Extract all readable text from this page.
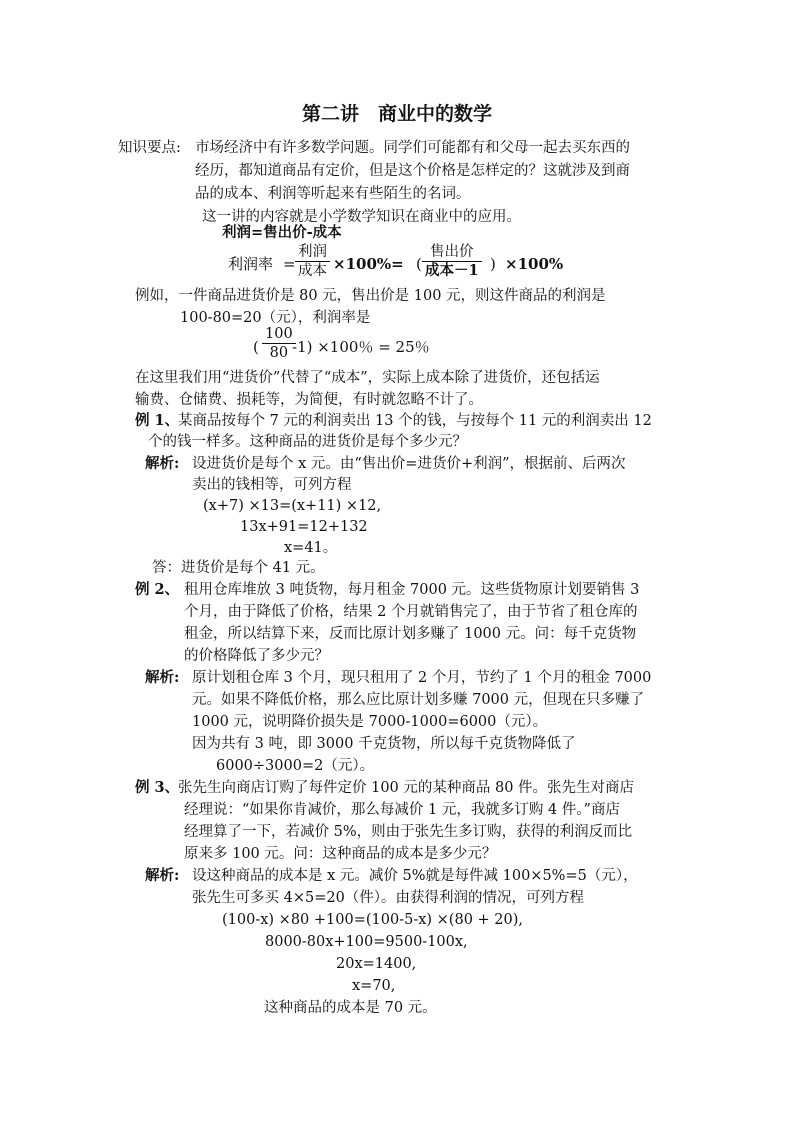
第二讲　商业中的数学
知识要点: 市场经济中有许多数学问题。同学们可能都有和父母一起去买东西的
经历，都知道商品有定价，但是这个价格是怎样定的？这就涉及到商
品的成本、利润等听起来有些陌生的名词。
这一讲的内容就是小学数学知识在商业中的应用。
利润=售出价-成本
利润率 =
利润
成本 ×100%= (
售出价
成本－1 ) ×100%
例如，一件商品进货价是 80 元，售出价是 100 元，则这件商品的利润是
100-80=20（元），利润率是
(
100
80 -1) ×100％ = 25％
在这里我们用“进货价”代替了“成本”，实际上成本除了进货价，还包括运
输费、仓储费、损耗等，为简便，有时就忽略不计了。
例 1、
某商品按每个 7 元的利润卖出 13 个的钱，与按每个 11 元的利润卖出 12
个的钱一样多。这种商品的进货价是每个多少元？
解析: 设进货价是每个 x 元。由“售出价=进货价+利润”，根据前、后两次
卖出的钱相等，可列方程
(x+7) ×13=(x+11) ×12,
13x+91=12+132
x=41。
答：进货价是每个 41 元。
例 2、 租用仓库堆放 3 吨货物，每月租金 7000 元。这些货物原计划要销售 3
个月，由于降低了价格，结果 2 个月就销售完了，由于节省了租仓库的
租金，所以结算下来，反而比原计划多赚了 1000 元。问：每千克货物
的价格降低了多少元？
解析: 原计划租仓库 3 个月，现只租用了 2 个月，节约了 1 个月的租金 7000
元。如果不降低价格，那么应比原计划多赚 7000 元，但现在只多赚了
1000 元，说明降价损失是 7000-1000=6000（元）。
因为共有 3 吨，即 3000 千克货物，所以每千克货物降低了
6000÷3000=2（元）。
例 3、
张先生向商店订购了每件定价 100 元的某种商品 80 件。张先生对商店
经理说：“如果你肯减价，那么每减价 1 元，我就多订购 4 件。”商店
经理算了一下，若减价 5%，则由于张先生多订购，获得的利润反而比
原来多 100 元。问：这种商品的成本是多少元？
解析: 设这种商品的成本是 x 元。减价 5%就是每件减 100×5%=5（元），
张先生可多买 4×5=20（件）。由获得利润的情况，可列方程
(100-x) ×80 +100=(100-5-x) ×(80 + 20),
8000-80x+100=9500-100x,
20x=1400,
x=70,
这种商品的成本是 70 元。
